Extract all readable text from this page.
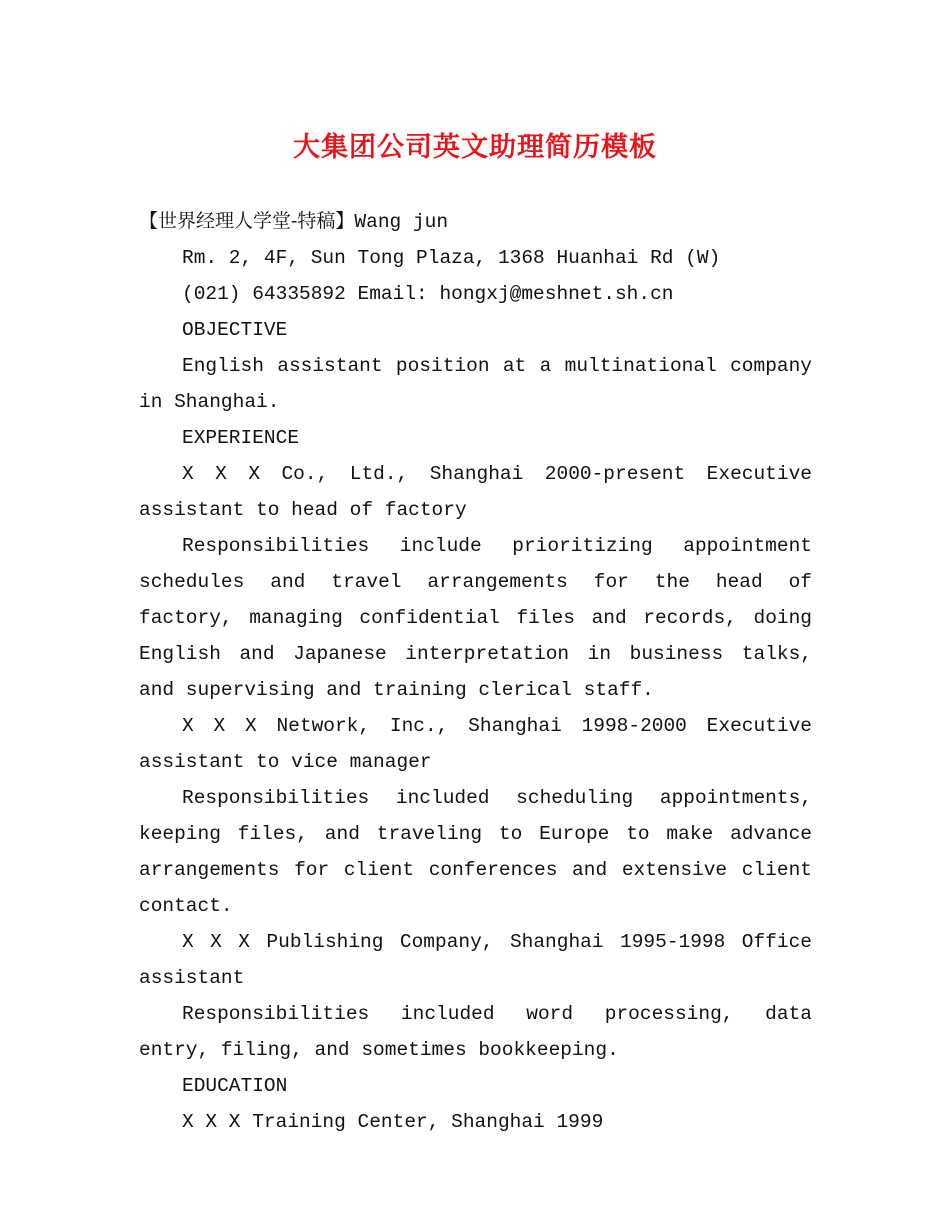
大集团公司英文助理简历模板

【世界经理人学堂-特稿】Wang jun

Rm. 2, 4F, Sun Tong Plaza, 1368 Huanhai Rd (W)

(021) 64335892 Email: hongxj@meshnet.sh.cn

OBJECTIVE

English assistant position at a multinational company in Shanghai.

EXPERIENCE

X X X Co., Ltd., Shanghai 2000-present Executive assistant to head of factory

Responsibilities include prioritizing appointment schedules and travel arrangements for the head of factory, managing confidential files and records, doing English and Japanese interpretation in business talks, and supervising and training clerical staff.

X X X Network, Inc., Shanghai 1998-2000 Executive assistant to vice manager

Responsibilities included scheduling appointments, keeping files, and traveling to Europe to make advance arrangements for client conferences and extensive client contact.

X X X Publishing Company, Shanghai 1995-1998 Office assistant

Responsibilities included word processing, data entry, filing, and sometimes bookkeeping.

EDUCATION

X X X Training Center, Shanghai 1999
